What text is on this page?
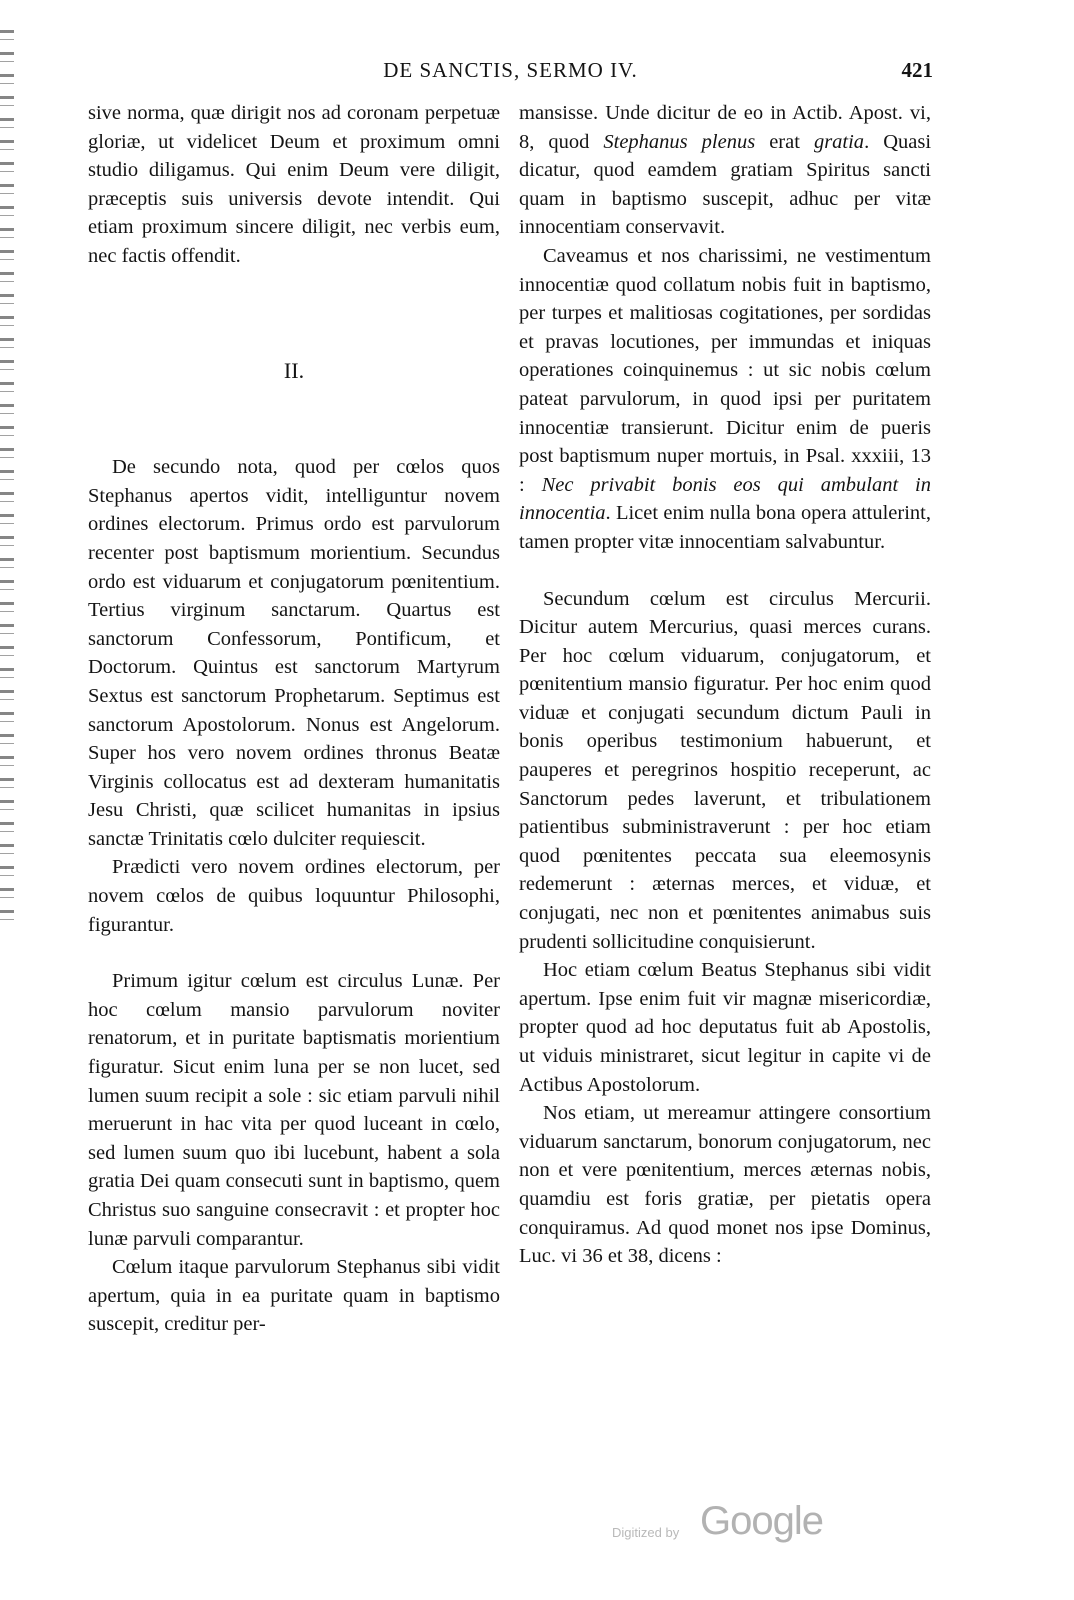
DE SANCTIS, SERMO IV.	421

sive norma, quæ dirigit nos ad coronam perpetuæ gloriæ, ut videlicet Deum et proximum omni studio diligamus. Qui enim Deum vere diligit, præceptis suis universis devote intendit. Qui etiam proximum sincere diligit, nec verbis eum, nec factis offendit.

II.

De secundo nota, quod per cœlos quos Stephanus apertos vidit, intelliguntur novem ordines electorum. Primus ordo est parvulorum recenter post baptismum morientium. Secundus ordo est viduarum et conjugatorum pœnitentium. Tertius virginum sanctarum. Quartus est sanctorum Confessorum, Pontificum, et Doctorum. Quintus est sanctorum Martyrum Sextus est sanctorum Prophetarum. Septimus est sanctorum Apostolorum. Nonus est Angelorum. Super hos vero novem ordines thronus Beatæ Virginis collocatus est ad dexteram humanitatis Jesu Christi, quæ scilicet humanitas in ipsius sanctæ Trinitatis cœlo dulciter requiescit.

Prædicti vero novem ordines electorum, per novem cœlos de quibus loquuntur Philosophi, figurantur.

Primum igitur cœlum est circulus Lunæ. Per hoc cœlum mansio parvulorum noviter renatorum, et in puritate baptismatis morientium figuratur. Sicut enim luna per se non lucet, sed lumen suum recipit a sole : sic etiam parvuli nihil meruerunt in hac vita per quod luceant in cœlo, sed lumen suum quo ibi lucebunt, habent a sola gratia Dei quam consecuti sunt in baptismo, quem Christus suo sanguine consecravit : et propter hoc lunæ parvuli comparantur.

Cœlum itaque parvulorum Stephanus sibi vidit apertum, quia in ea puritate quam in baptismo suscepit, creditur per-

mansisse. Unde dicitur de eo in Actib. Apost. vi, 8, quod Stephanus plenus erat gratia. Quasi dicatur, quod eamdem gratiam Spiritus sancti quam in baptismo suscepit, adhuc per vitæ innocentiam conservavit.

Caveamus et nos charissimi, ne vestimentum innocentiæ quod collatum nobis fuit in baptismo, per turpes et malitiosas cogitationes, per sordidas et pravas locutiones, per immundas et iniquas operationes coinquinemus : ut sic nobis cœlum pateat parvulorum, in quod ipsi per puritatem innocentiæ transierunt. Dicitur enim de pueris post baptismum nuper mortuis, in Psal. xxxiii, 13 : Nec privabit bonis eos qui ambulant in innocentia. Licet enim nulla bona opera attulerint, tamen propter vitæ innocentiam salvabuntur.

Secundum cœlum est circulus Mercurii. Dicitur autem Mercurius, quasi merces curans. Per hoc cœlum viduarum, conjugatorum, et pœnitentium mansio figuratur. Per hoc enim quod viduæ et conjugati secundum dictum Pauli in bonis operibus testimonium habuerunt, et pauperes et peregrinos hospitio receperunt, ac Sanctorum pedes laverunt, et tribulationem patientibus subministraverunt : per hoc etiam quod pœnitentes peccata sua eleemosynis redemerunt : æternas merces, et viduæ, et conjugati, nec non et pœnitentes animabus suis prudenti sollicitudine conquisierunt.

Hoc etiam cœlum Beatus Stephanus sibi vidit apertum. Ipse enim fuit vir magnæ misericordiæ, propter quod ad hoc deputatus fuit ab Apostolis, ut viduis ministraret, sicut legitur in capite vi de Actibus Apostolorum.

Nos etiam, ut mereamur attingere consortium viduarum sanctarum, bonorum conjugatorum, nec non et vere pœnitentium, merces æternas nobis, quamdiu est foris gratiæ, per pietatis opera conquiramus. Ad quod monet nos ipse Dominus, Luc. vi 36 et 38, dicens :

Digitized by Google
